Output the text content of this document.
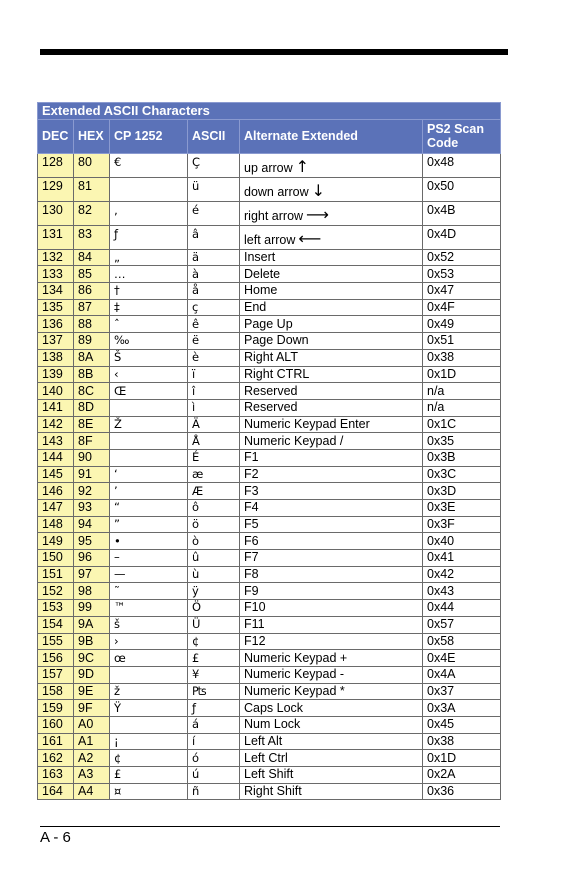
Extended ASCII Characters					
DEC	HEX	CP 1252	ASCII	Alternate Extended	PS2 Scan Code
128	80	€	Ç	up arrow ↑	0x48
129	81		ü	down arrow ↓	0x50
130	82	‚	é	right arrow ⟶	0x4B
131	83	ƒ	â	left arrow ⟵	0x4D
132	84	„	ä	Insert	0x52
133	85	…	à	Delete	0x53
134	86	†	å	Home	0x47
135	87	‡	ç	End	0x4F
136	88	ˆ	ê	Page Up	0x49
137	89	‰	ë	Page Down	0x51
138	8A	Š	è	Right ALT	0x38
139	8B	‹	ï	Right CTRL	0x1D
140	8C	Œ	î	Reserved	n/a
141	8D		ì	Reserved	n/a
142	8E	Ž	Ä	Numeric Keypad Enter	0x1C
143	8F		Å	Numeric Keypad /	0x35
144	90		É	F1	0x3B
145	91	‘	æ	F2	0x3C
146	92	’	Æ	F3	0x3D
147	93	“	ô	F4	0x3E
148	94	”	ö	F5	0x3F
149	95	•	ò	F6	0x40
150	96	–	û	F7	0x41
151	97	—	ù	F8	0x42
152	98	˜	ÿ	F9	0x43
153	99	™	Ö	F10	0x44
154	9A	š	Ü	F11	0x57
155	9B	›	¢	F12	0x58
156	9C	œ	£	Numeric Keypad +	0x4E
157	9D		¥	Numeric Keypad -	0x4A
158	9E	ž	₧	Numeric Keypad *	0x37
159	9F	Ÿ	ƒ	Caps Lock	0x3A
160	A0		á	Num Lock	0x45
161	A1	¡	í	Left Alt	0x38
162	A2	¢	ó	Left Ctrl	0x1D
163	A3	£	ú	Left Shift	0x2A
164	A4	¤	ñ	Right Shift	0x36
A - 6
